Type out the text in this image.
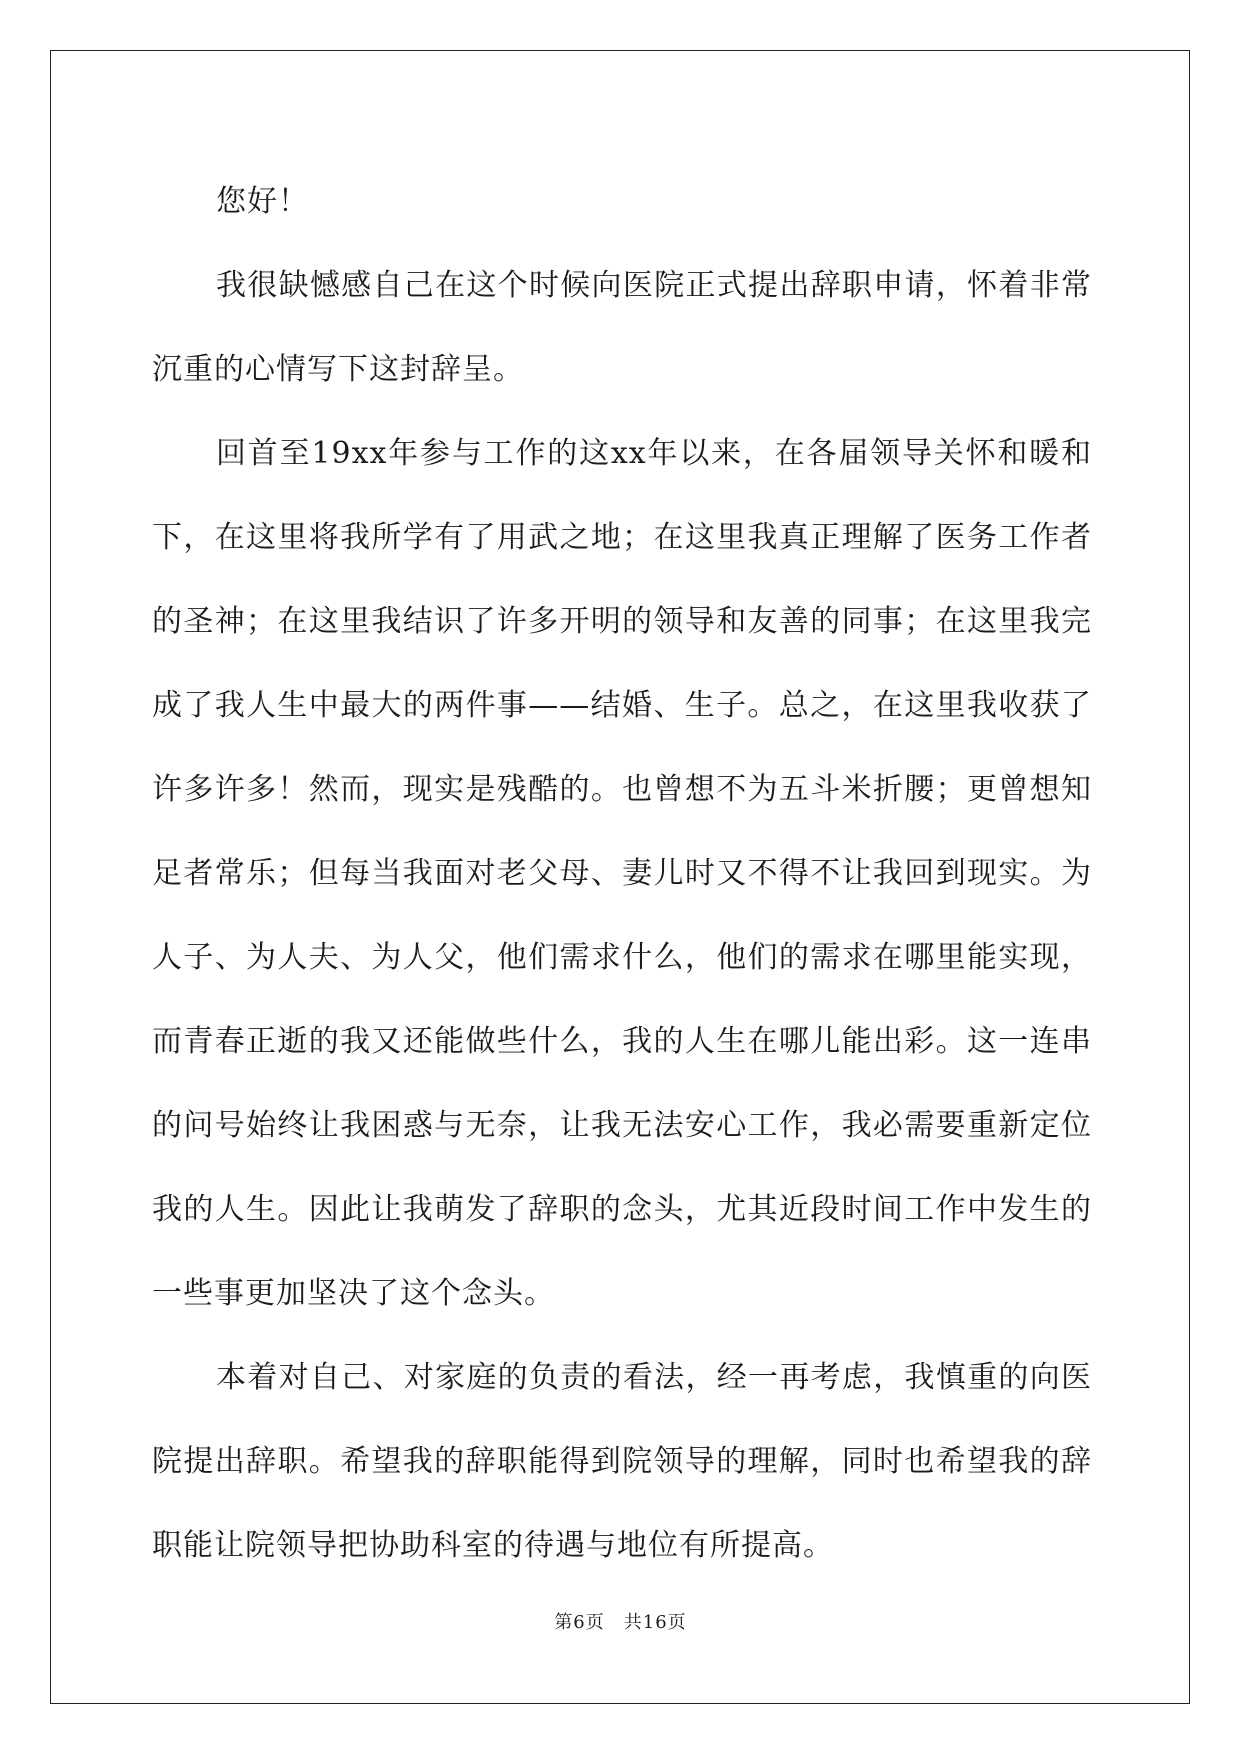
您好！

我很缺憾感自己在这个时候向医院正式提出辞职申请，怀着非常沉重的心情写下这封辞呈。

回首至19xx年参与工作的这xx年以来，在各届领导关怀和暖和下，在这里将我所学有了用武之地；在这里我真正理解了医务工作者的圣神；在这里我结识了许多开明的领导和友善的同事；在这里我完成了我人生中最大的两件事——结婚、生子。总之，在这里我收获了许多许多！然而，现实是残酷的。也曾想不为五斗米折腰；更曾想知足者常乐；但每当我面对老父母、妻儿时又不得不让我回到现实。为人子、为人夫、为人父，他们需求什么，他们的需求在哪里能实现，而青春正逝的我又还能做些什么，我的人生在哪儿能出彩。这一连串的问号始终让我困惑与无奈，让我无法安心工作，我必需要重新定位我的人生。因此让我萌发了辞职的念头，尤其近段时间工作中发生的一些事更加坚决了这个念头。

本着对自己、对家庭的负责的看法，经一再考虑，我慎重的向医院提出辞职。希望我的辞职能得到院领导的理解，同时也希望我的辞职能让院领导把协助科室的待遇与地位有所提高。

第6页　共16页
